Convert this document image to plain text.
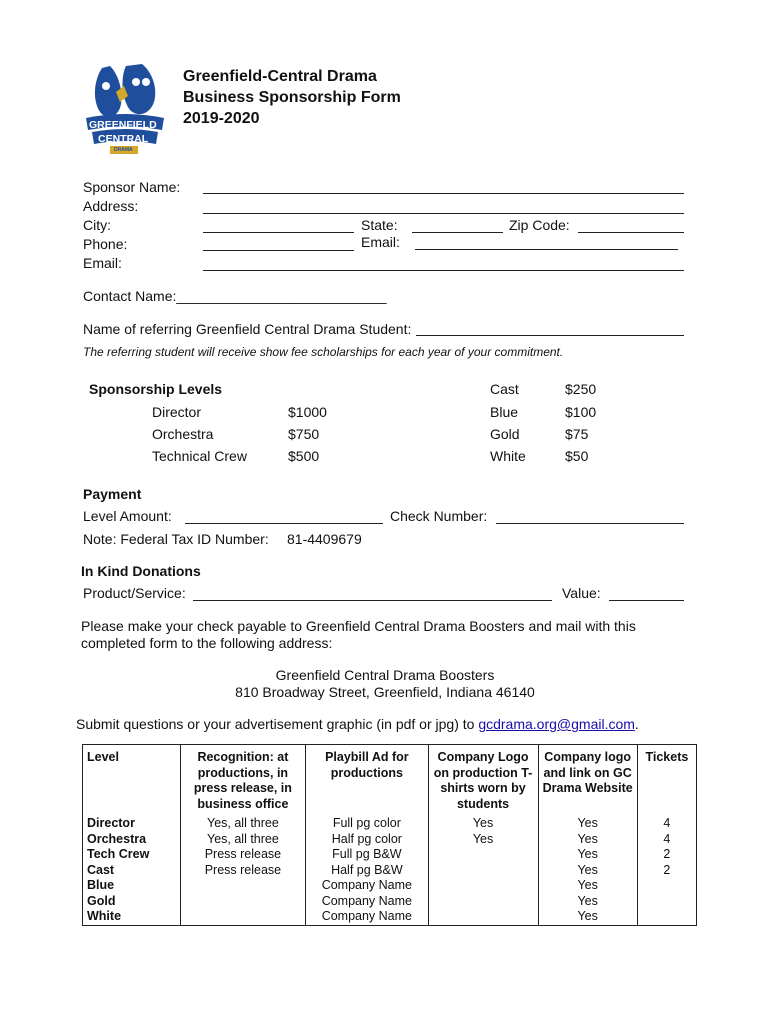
GREENFIELD
CENTRAL
DRAMA
Greenfield-Central Drama
Business Sponsorship Form
2019-2020
Sponsor Name:
Address:
City:	State:	Zip Code:
Phone:	Email:
Email:
Contact Name:___________________________
Name of referring Greenfield Central Drama Student:
The referring student will receive show fee scholarships for each year of your commitment.
Sponsorship Levels
Director	$1000
Orchestra	$750
Technical Crew	$500
Cast	$250
Blue	$100
Gold	$75
White	$50
Payment
Level Amount:	Check Number:
Note: Federal Tax ID Number: 81-4409679
In Kind Donations
Product/Service:	Value:
Please make your check payable to Greenfield Central Drama Boosters and mail with this
completed form to the following address:
Greenfield Central Drama Boosters
810 Broadway Street, Greenfield, Indiana 46140
Submit questions or your advertisement graphic (in pdf or jpg) to gcdrama.org@gmail.com.
Level	Recognition: at productions, in press release, in business office	Playbill Ad for productions	Company Logo on production T-shirts worn by students	Company logo and link on GC Drama Website	Tickets
Director	Yes, all three	Full pg color	Yes	Yes	4
Orchestra	Yes, all three	Half pg color	Yes	Yes	4
Tech Crew	Press release	Full pg B&W		Yes	2
Cast	Press release	Half pg B&W		Yes	2
Blue		Company Name		Yes	
Gold		Company Name		Yes	
White		Company Name		Yes	
